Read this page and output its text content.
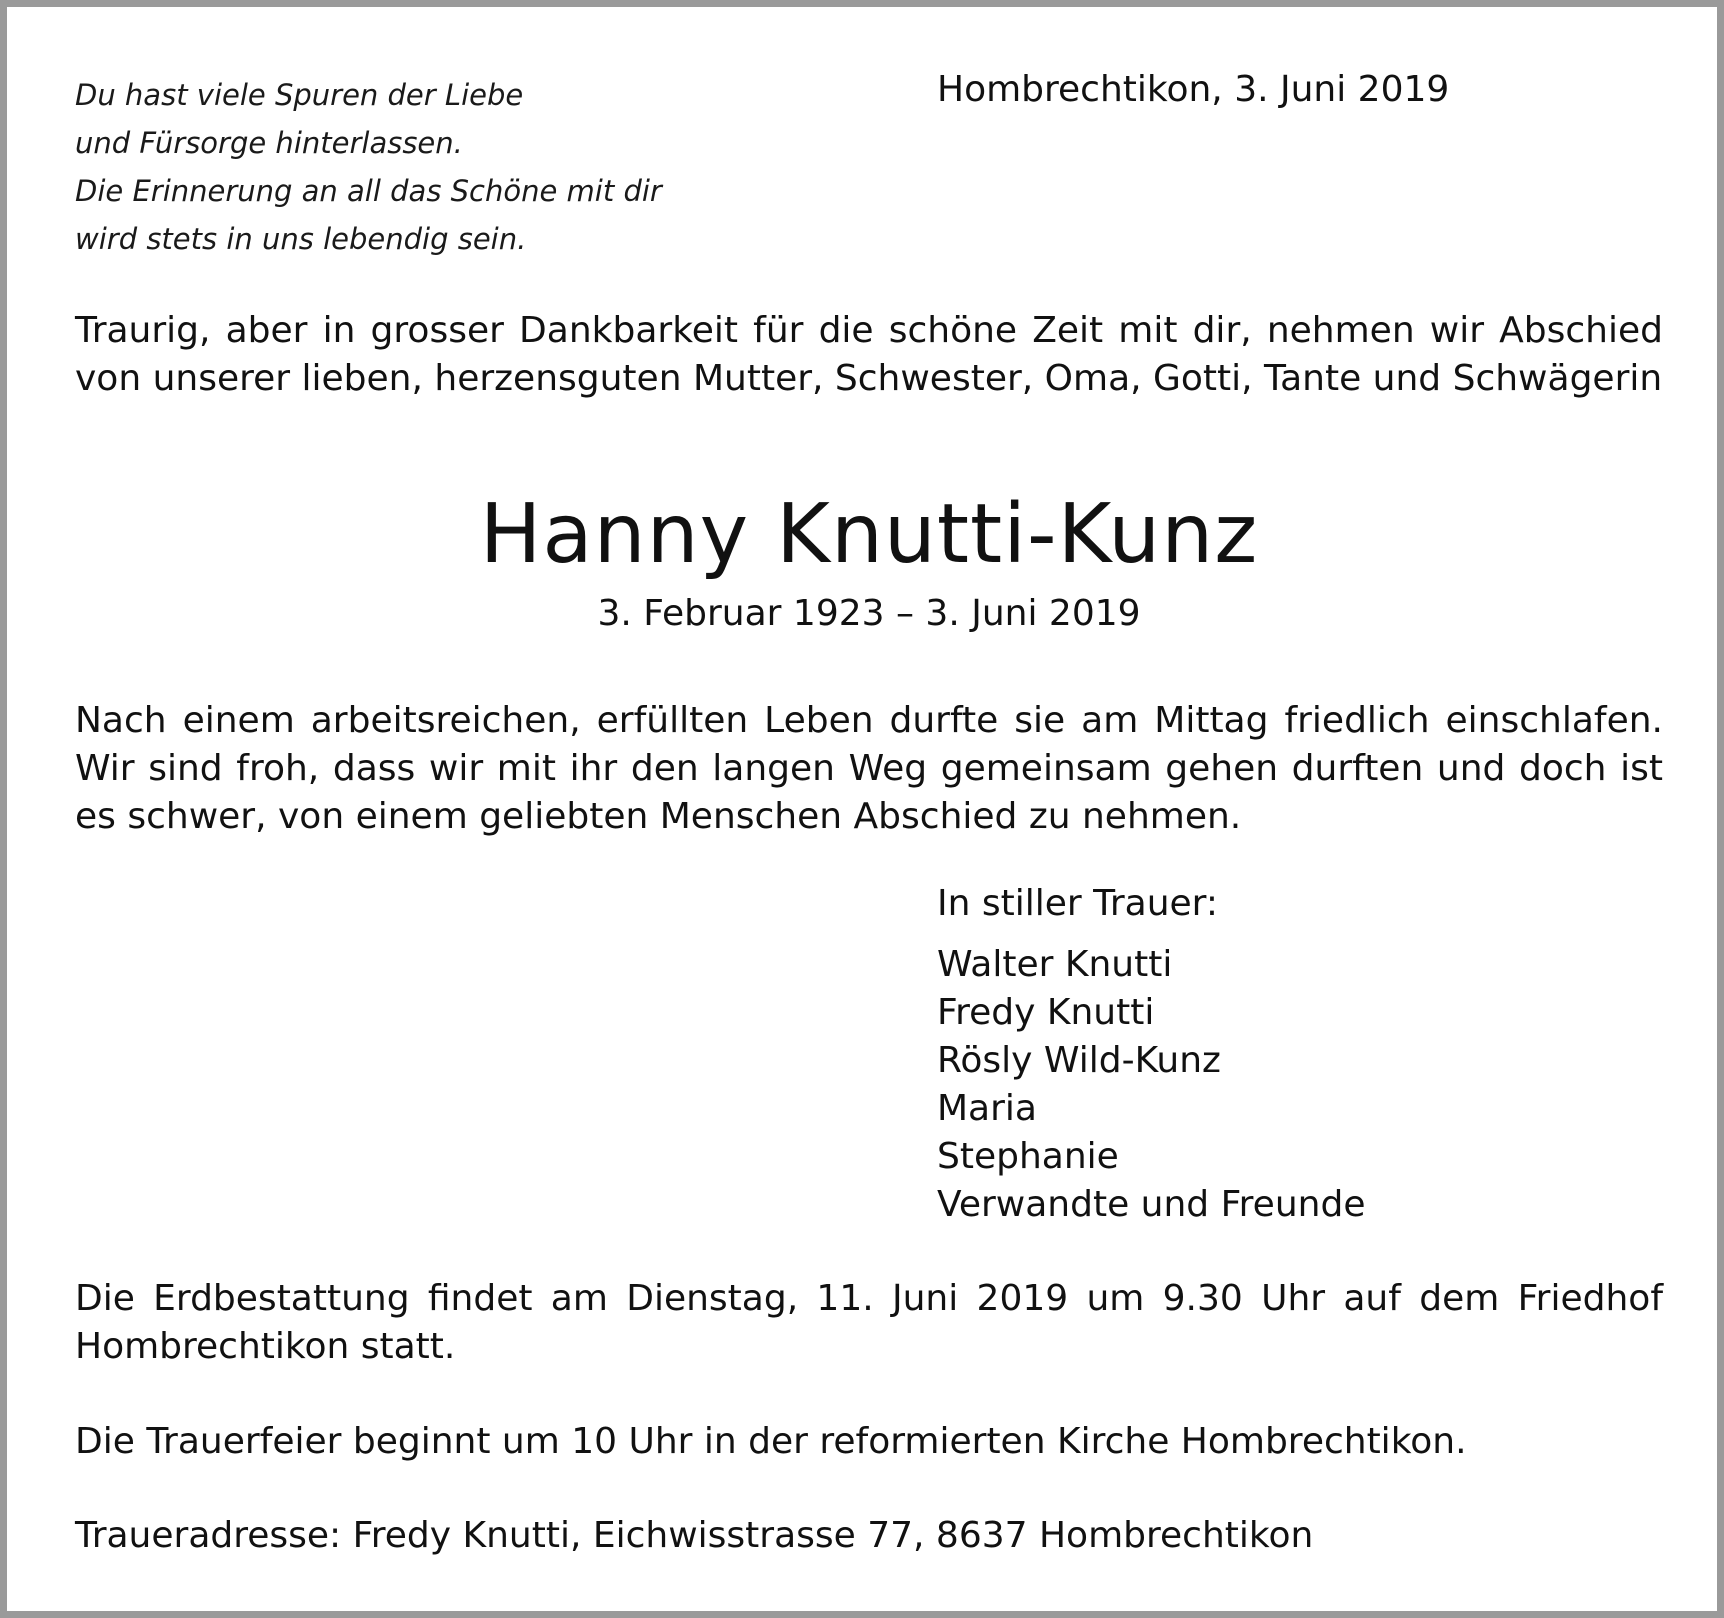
Du hast viele Spuren der Liebe
und Fürsorge hinterlassen.
Die Erinnerung an all das Schöne mit dir
wird stets in uns lebendig sein.
Hombrechtikon, 3. Juni 2019
Traurig, aber in grosser Dankbarkeit für die schöne Zeit mit dir, nehmen wir Abschied von unserer lieben, herzensguten Mutter, Schwester, Oma, Gotti, Tante und Schwägerin
Hanny Knutti-Kunz
3. Februar 1923 – 3. Juni 2019
Nach einem arbeitsreichen, erfüllten Leben durfte sie am Mittag friedlich einschlafen. Wir sind froh, dass wir mit ihr den langen Weg gemeinsam gehen durften und doch ist es schwer, von einem geliebten Menschen Abschied zu nehmen.
In stiller Trauer:
Walter Knutti
Fredy Knutti
Rösly Wild-Kunz
Maria
Stephanie
Verwandte und Freunde
Die Erdbestattung findet am Dienstag, 11. Juni 2019 um 9.30 Uhr auf dem Friedhof Hombrechtikon statt.
Die Trauerfeier beginnt um 10 Uhr in der reformierten Kirche Hombrechtikon.
Traueradresse: Fredy Knutti, Eichwisstrasse 77, 8637 Hombrechtikon
